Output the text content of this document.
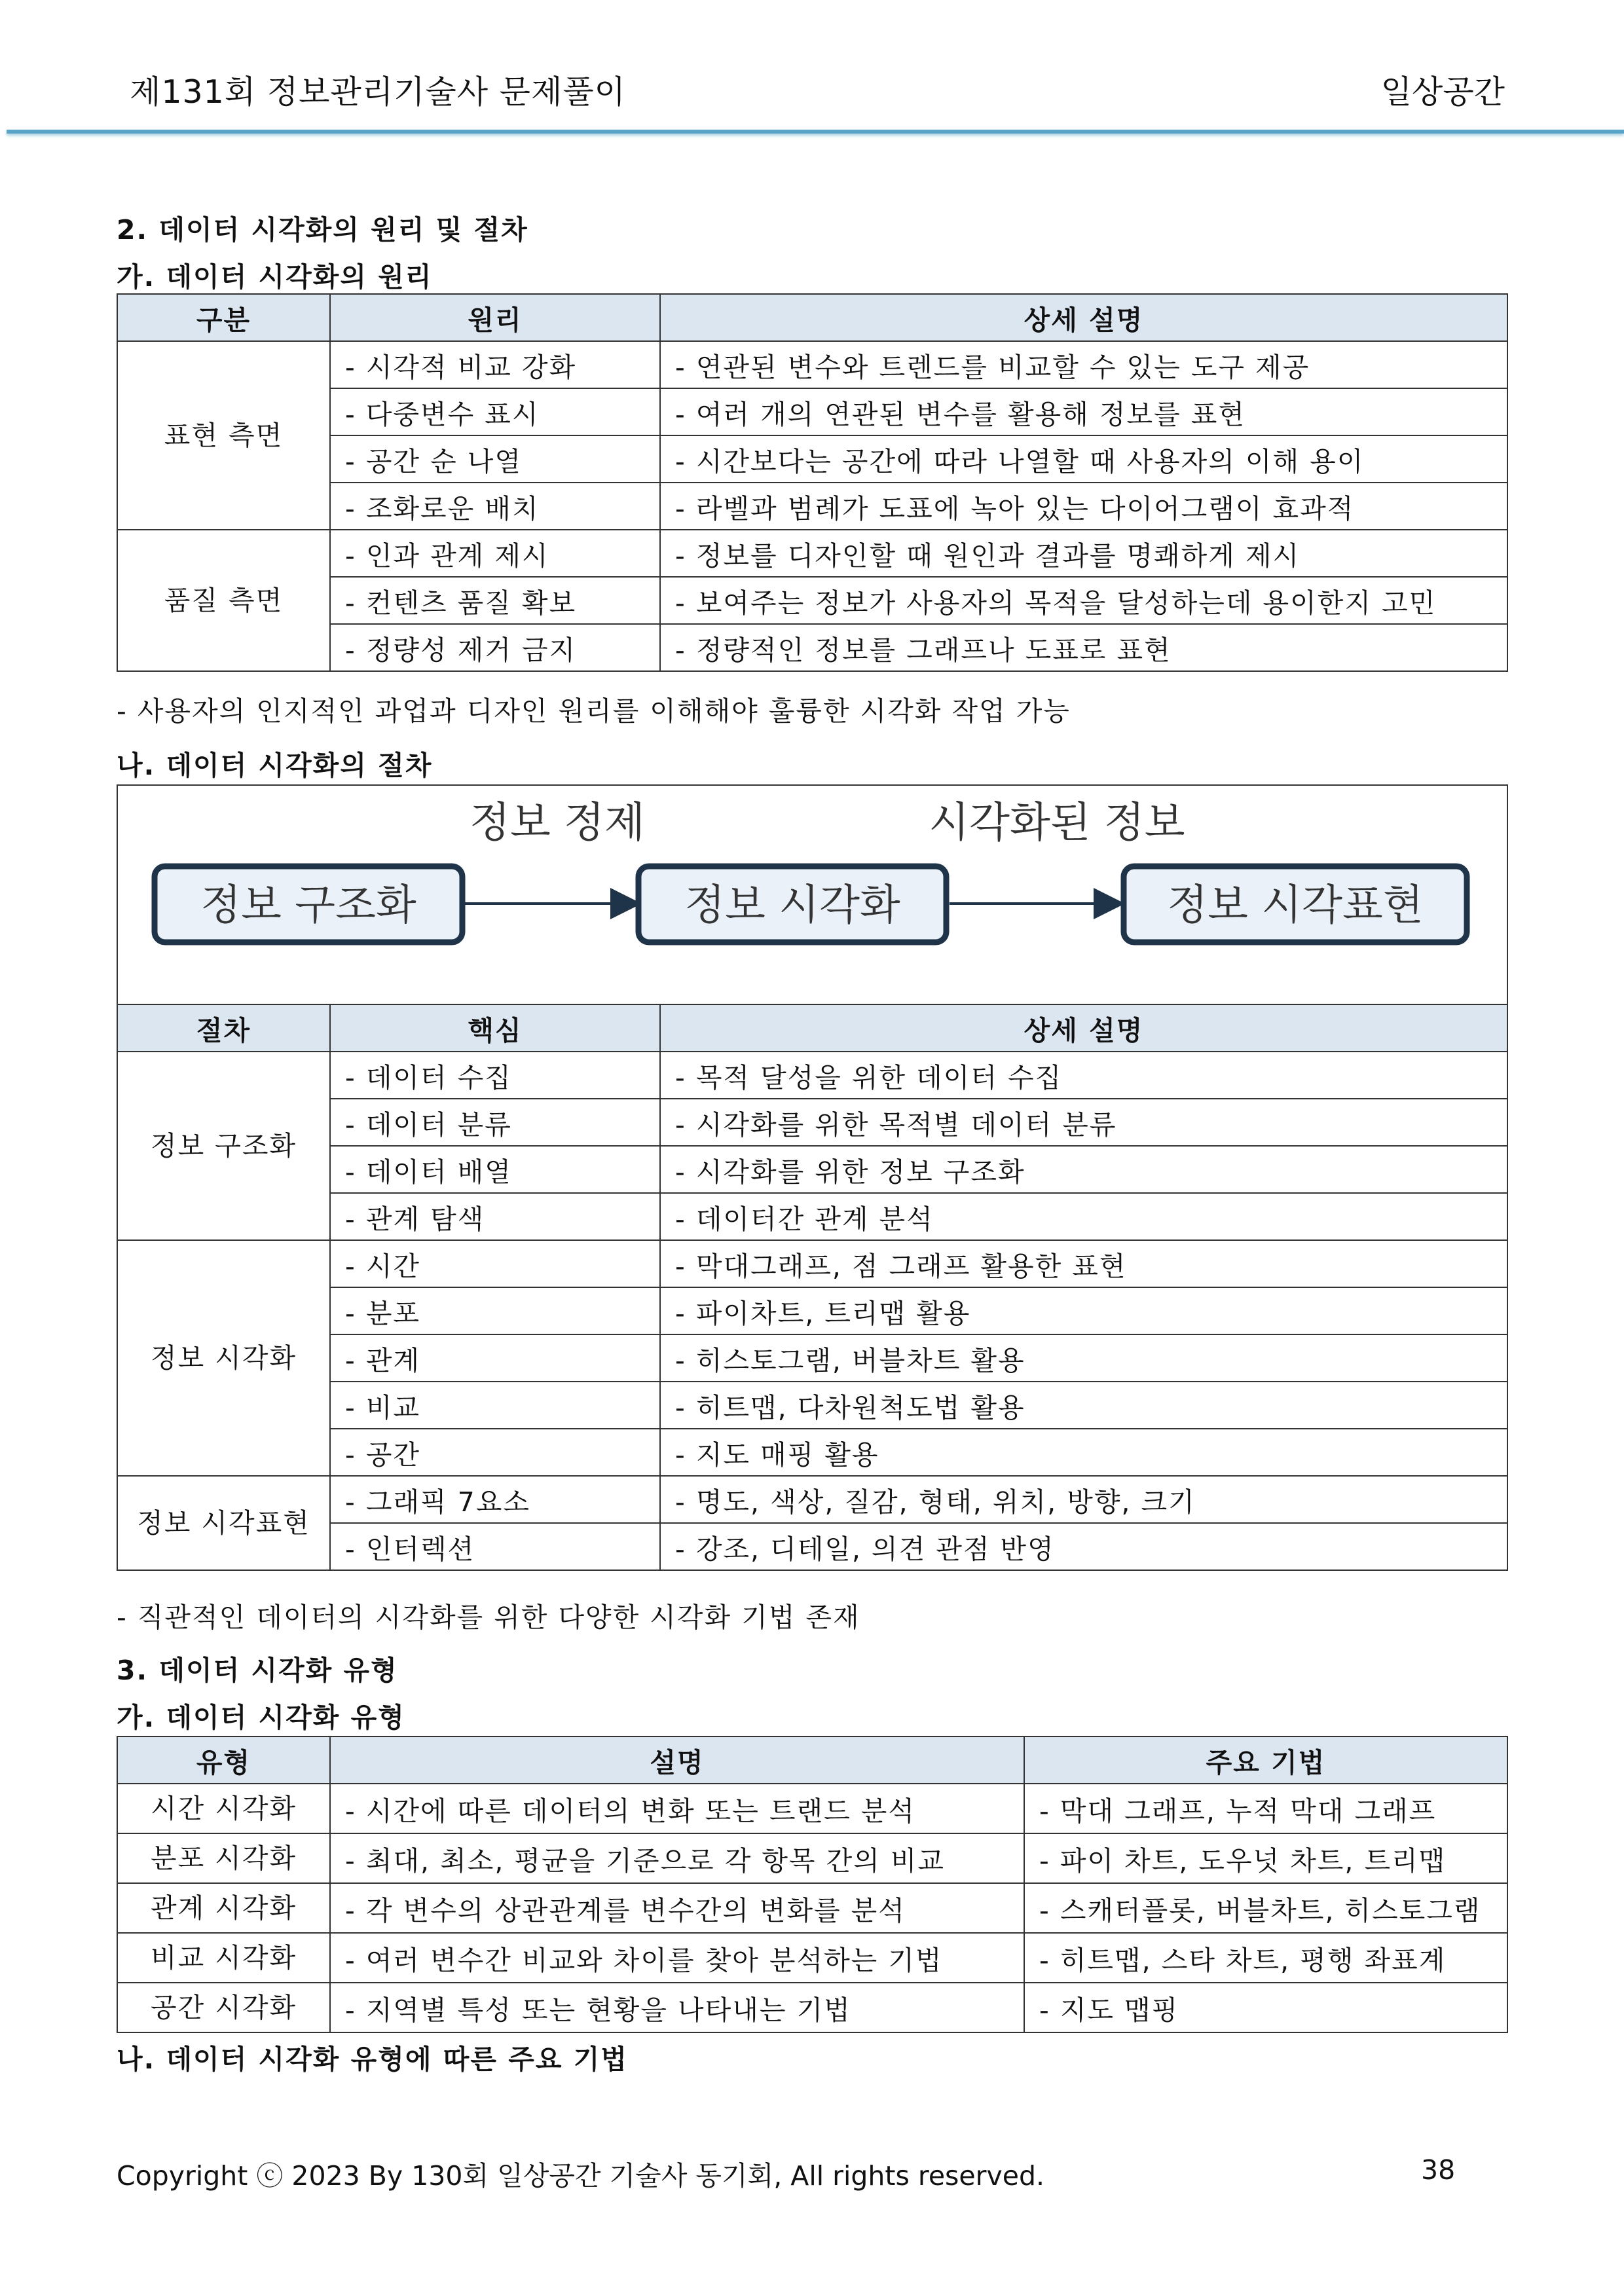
제131회 정보관리기술사 문제풀이	일상공간
2. 데이터 시각화의 원리 및 절차
가. 데이터 시각화의 원리
구분	원리	상세 설명
표현 측면	- 시각적 비교 강화	- 연관된 변수와 트렌드를 비교할 수 있는 도구 제공
	- 다중변수 표시	- 여러 개의 연관된 변수를 활용해 정보를 표현
	- 공간 순 나열	- 시간보다는 공간에 따라 나열할 때 사용자의 이해 용이
	- 조화로운 배치	- 라벨과 범례가 도표에 녹아 있는 다이어그램이 효과적
품질 측면	- 인과 관계 제시	- 정보를 디자인할 때 원인과 결과를 명쾌하게 제시
	- 컨텐츠 품질 확보	- 보여주는 정보가 사용자의 목적을 달성하는데 용이한지 고민
	- 정량성 제거 금지	- 정량적인 정보를 그래프나 도표로 표현
- 사용자의 인지적인 과업과 디자인 원리를 이해해야 훌륭한 시각화 작업 가능
나. 데이터 시각화의 절차
정보 정제	시각화된 정보
정보 구조화	정보 시각화	정보 시각표현
절차	핵심	상세 설명
정보 구조화	- 데이터 수집	- 목적 달성을 위한 데이터 수집
	- 데이터 분류	- 시각화를 위한 목적별 데이터 분류
	- 데이터 배열	- 시각화를 위한 정보 구조화
	- 관계 탐색	- 데이터간 관계 분석
정보 시각화	- 시간	- 막대그래프, 점 그래프 활용한 표현
	- 분포	- 파이차트, 트리맵 활용
	- 관계	- 히스토그램, 버블차트 활용
	- 비교	- 히트맵, 다차원척도법 활용
	- 공간	- 지도 매핑 활용
정보 시각표현	- 그래픽 7요소	- 명도, 색상, 질감, 형태, 위치, 방향, 크기
	- 인터렉션	- 강조, 디테일, 의견 관점 반영
- 직관적인 데이터의 시각화를 위한 다양한 시각화 기법 존재
3. 데이터 시각화 유형
가. 데이터 시각화 유형
유형	설명	주요 기법
시간 시각화	- 시간에 따른 데이터의 변화 또는 트랜드 분석	- 막대 그래프, 누적 막대 그래프
분포 시각화	- 최대, 최소, 평균을 기준으로 각 항목 간의 비교	- 파이 차트, 도우넛 차트, 트리맵
관계 시각화	- 각 변수의 상관관계를 변수간의 변화를 분석	- 스캐터플롯, 버블차트, 히스토그램
비교 시각화	- 여러 변수간 비교와 차이를 찾아 분석하는 기법	- 히트맵, 스타 차트, 평행 좌표계
공간 시각화	- 지역별 특성 또는 현황을 나타내는 기법	- 지도 맵핑
나. 데이터 시각화 유형에 따른 주요 기법
Copyright ⓒ 2023 By 130회 일상공간 기술사 동기회, All rights reserved.	38
